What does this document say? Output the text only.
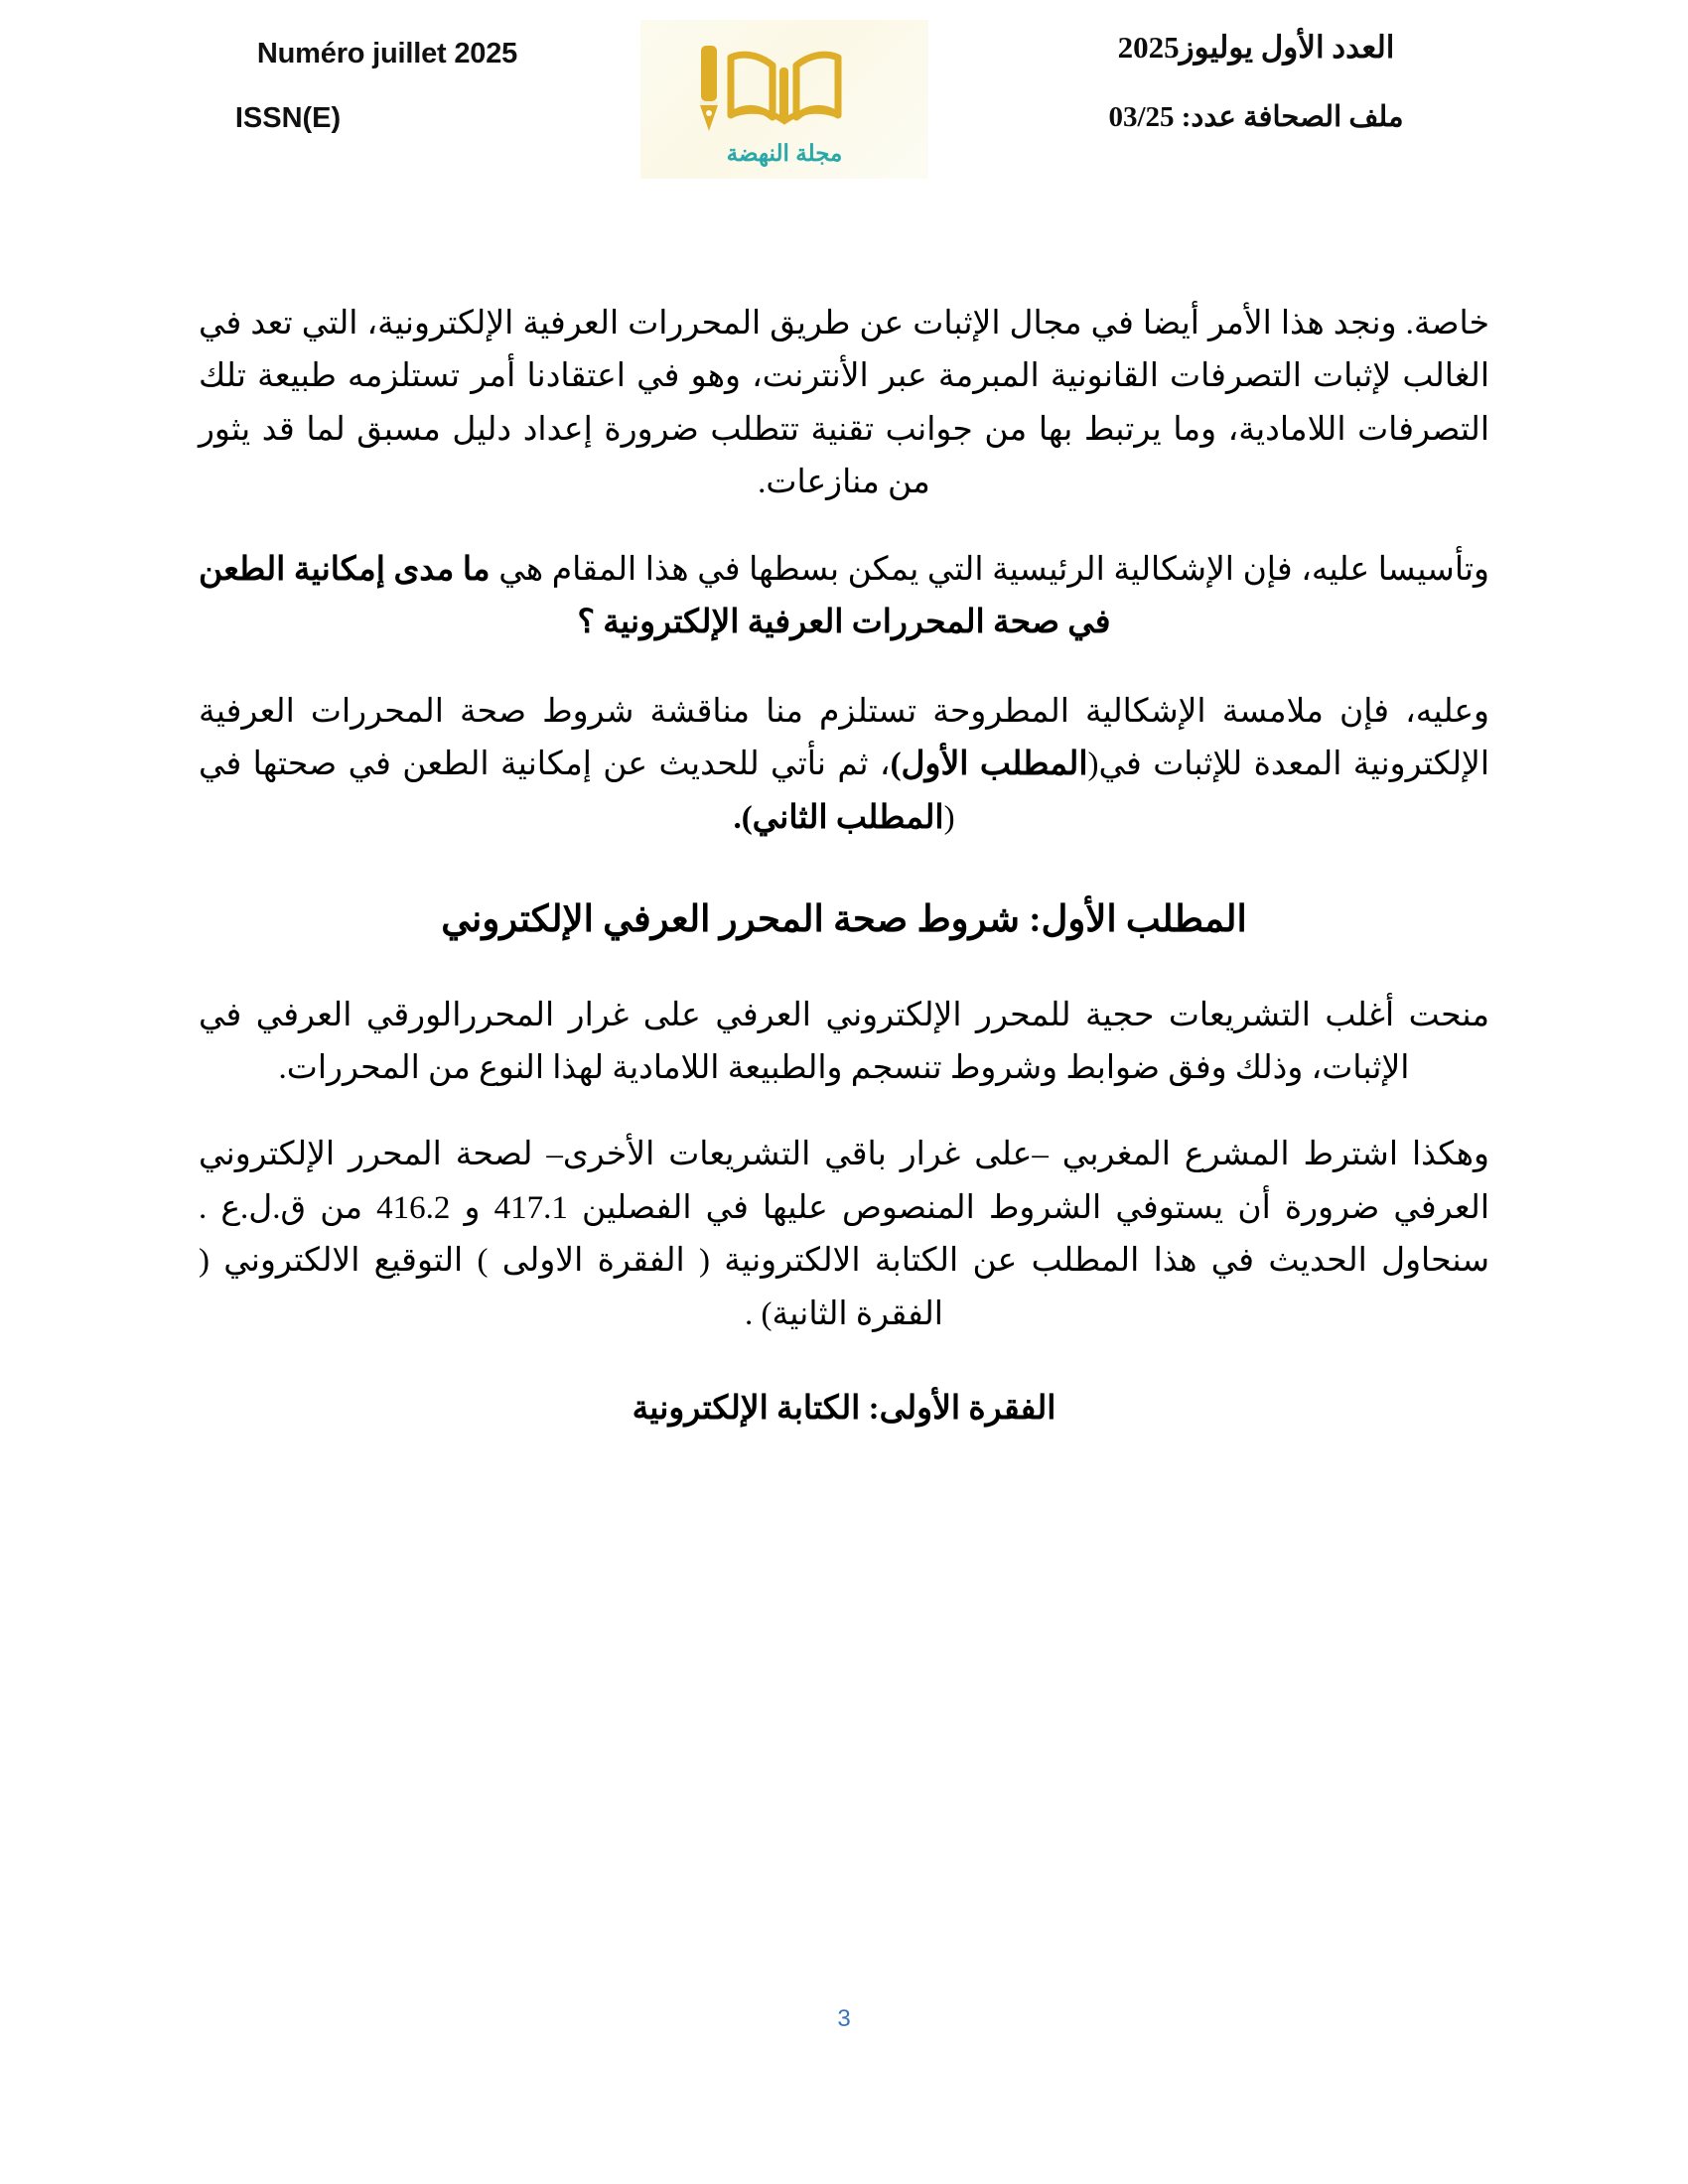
Numéro juillet 2025
ISSN(E)
مجلة النهضة
العدد الأول يوليوز2025
ملف الصحافة عدد: 03/25

خاصة. ونجد هذا الأمر أيضا في مجال الإثبات عن طريق المحررات العرفية الإلكترونية، التي تعد في الغالب لإثبات التصرفات القانونية المبرمة عبر الأنترنت، وهو في اعتقادنا أمر تستلزمه طبيعة تلك التصرفات اللامادية، وما يرتبط بها من جوانب تقنية تتطلب ضرورة إعداد دليل مسبق لما قد يثور من منازعات.

وتأسيسا عليه، فإن الإشكالية الرئيسية التي يمكن بسطها في هذا المقام هي ما مدى إمكانية الطعن في صحة المحررات العرفية الإلكترونية ؟

وعليه، فإن ملامسة الإشكالية المطروحة تستلزم منا مناقشة شروط صحة المحررات العرفية الإلكترونية المعدة للإثبات في(المطلب الأول)، ثم نأتي للحديث عن إمكانية الطعن في صحتها في (المطلب الثاني).

المطلب الأول: شروط صحة المحرر العرفي الإلكتروني

منحت أغلب التشريعات حجية للمحرر الإلكتروني العرفي على غرار المحررالورقي العرفي في الإثبات، وذلك وفق ضوابط وشروط تنسجم والطبيعة اللامادية لهذا النوع من المحررات.

وهكذا اشترط المشرع المغربي –على غرار باقي التشريعات الأخرى– لصحة المحرر الإلكتروني العرفي ضرورة أن يستوفي الشروط المنصوص عليها في الفصلين 417.1 و 416.2 من ق.ل.ع . سنحاول الحديث في هذا المطلب عن الكتابة الالكترونية ( الفقرة الاولى ) التوقيع الالكتروني ( الفقرة الثانية) .

الفقرة الأولى: الكتابة الإلكترونية
3
